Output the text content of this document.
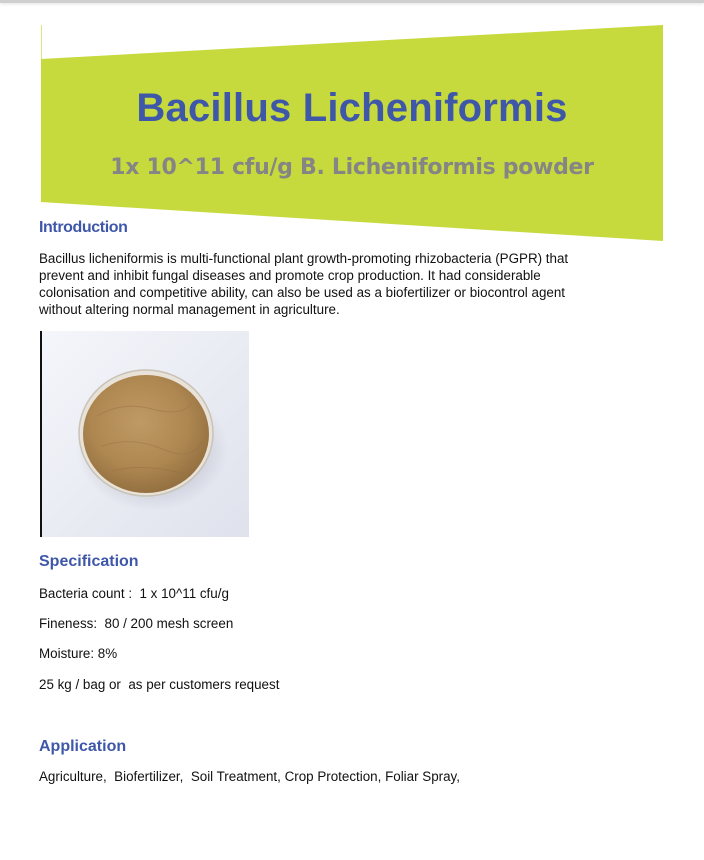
Bacillus Licheniformis
1x 10^11 cfu/g B. Licheniformis powder
Introduction

Bacillus licheniformis is multi-functional plant growth-promoting rhizobacteria (PGPR) that
prevent and inhibit fungal diseases and promote crop production. It had considerable
colonisation and competitive ability, can also be used as a biofertilizer or biocontrol agent
without altering normal management in agriculture.

Specification

Bacteria count :  1 x 10^11 cfu/g

Fineness:  80 / 200 mesh screen

Moisture: 8%

25 kg / bag or  as per customers request

Application

Agriculture,  Biofertilizer,  Soil Treatment, Crop Protection, Foliar Spray,
